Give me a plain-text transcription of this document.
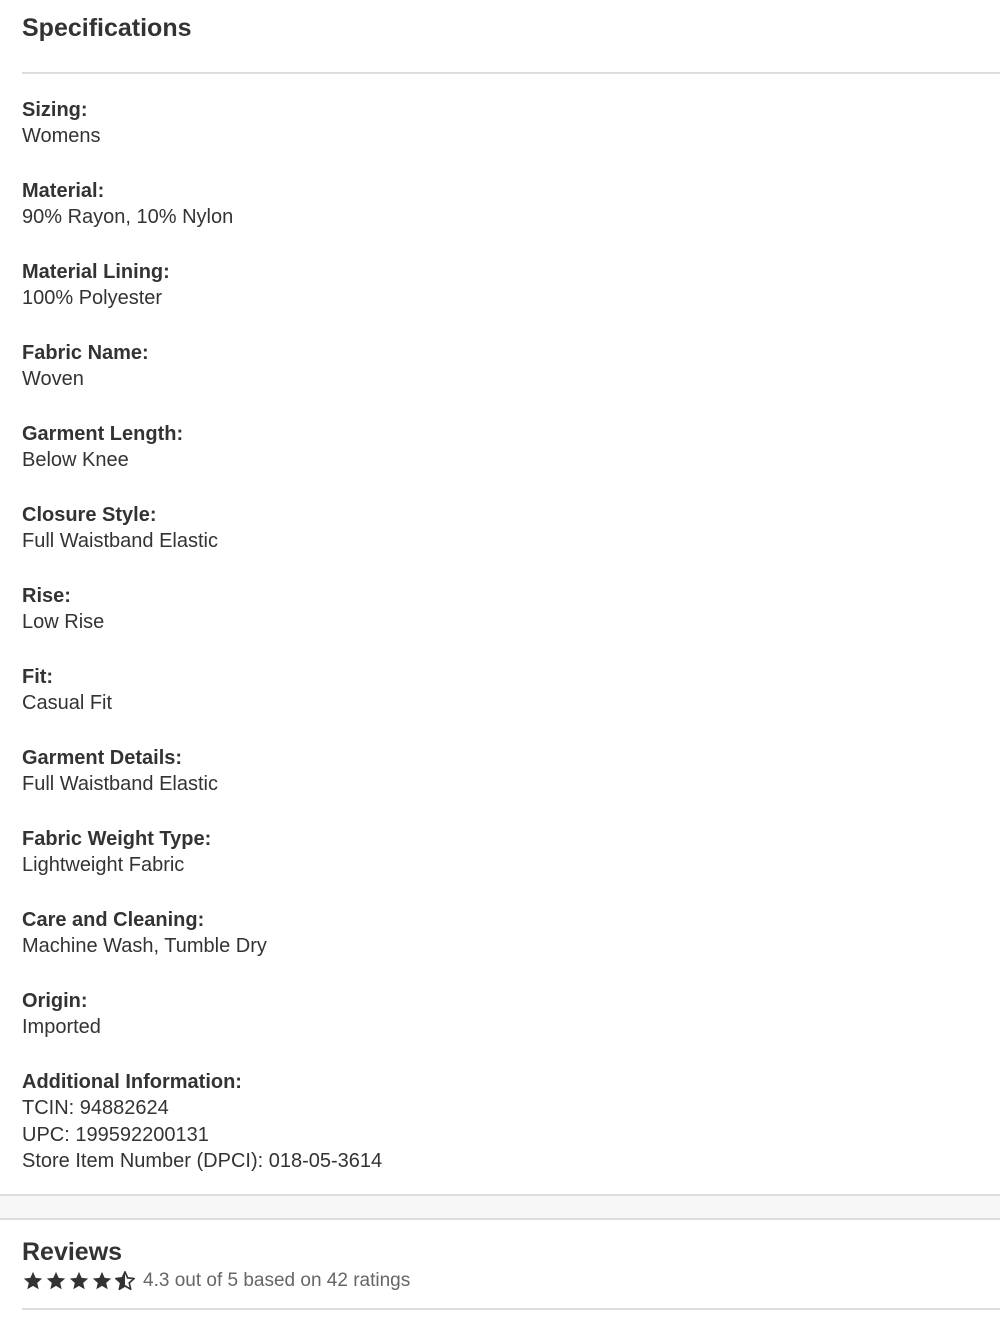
Specifications
Sizing:
Womens
Material:
90% Rayon, 10% Nylon
Material Lining:
100% Polyester
Fabric Name:
Woven
Garment Length:
Below Knee
Closure Style:
Full Waistband Elastic
Rise:
Low Rise
Fit:
Casual Fit
Garment Details:
Full Waistband Elastic
Fabric Weight Type:
Lightweight Fabric
Care and Cleaning:
Machine Wash, Tumble Dry
Origin:
Imported
Additional Information:
TCIN: 94882624
UPC: 199592200131
Store Item Number (DPCI): 018-05-3614
Reviews
4.3 out of 5 based on 42 ratings
